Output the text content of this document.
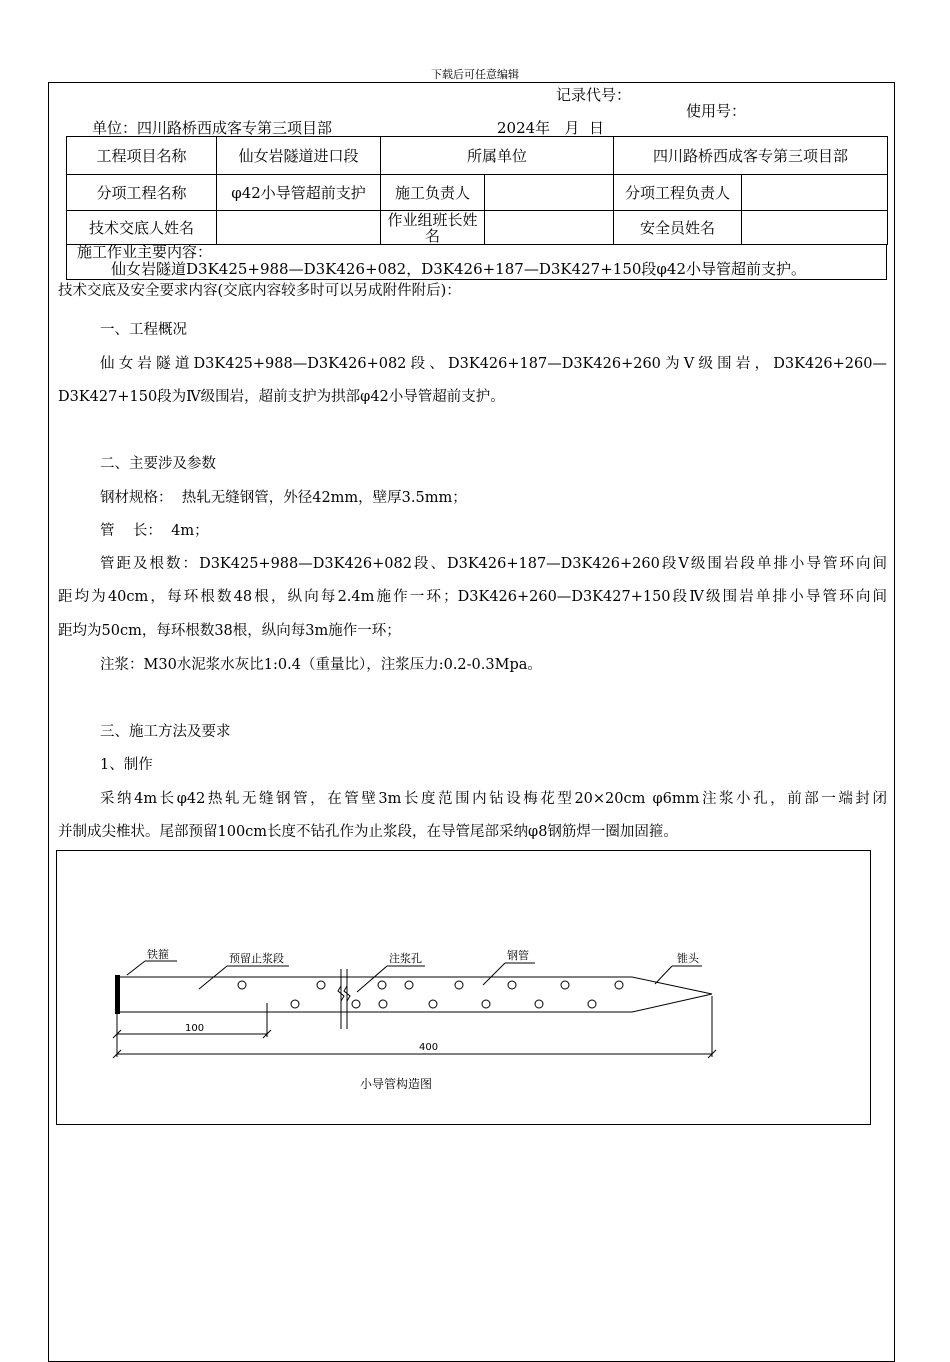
下载后可任意编辑
记录代号：
使用号：
单位：四川路桥西成客专第三项目部	2024年   月  日
工程项目名称	仙女岩隧道进口段	所属单位		四川路桥西成客专第三项目部	
分项工程名称	φ42小导管超前支护	施工负责人		分项工程负责人	
技术交底人姓名		作业组班长姓名		安全员姓名	
施工作业主要内容：
仙女岩隧道D3K425+988—D3K426+082，D3K426+187—D3K427+150段φ42小导管超前支护。
技术交底及安全要求内容(交底内容较多时可以另成附件附后)：
一、工程概况
仙女岩隧道D3K425+988—D3K426+082段、D3K426+187—D3K426+260为V级围岩，D3K426+260—
D3K427+150段为Ⅳ级围岩，超前支护为拱部φ42小导管超前支护。
二、主要涉及参数
钢材规格：  热轧无缝钢管，外径42mm，壁厚3.5mm；
管    长：  4m；
管距及根数：D3K425+988—D3K426+082段、D3K426+187—D3K426+260段V级围岩段单排小导管环向间
距均为40cm，每环根数48根，纵向每2.4m施作一环；D3K426+260—D3K427+150段Ⅳ级围岩单排小导管环向间
距均为50cm，每环根数38根，纵向每3m施作一环；
注浆：M30水泥浆水灰比1:0.4（重量比），注浆压力:0.2-0.3Mpa。
三、施工方法及要求
1、制作
采纳4m长φ42热轧无缝钢管，在管壁3m长度范围内钻设梅花型20×20cm φ6mm注浆小孔，前部一端封闭
并制成尖椎状。尾部预留100cm长度不钻孔作为止浆段，在导管尾部采纳φ8钢筋焊一圈加固箍。
铁箍	预留止浆段	注浆孔	钢管	锥头
100
400
小导管构造图
